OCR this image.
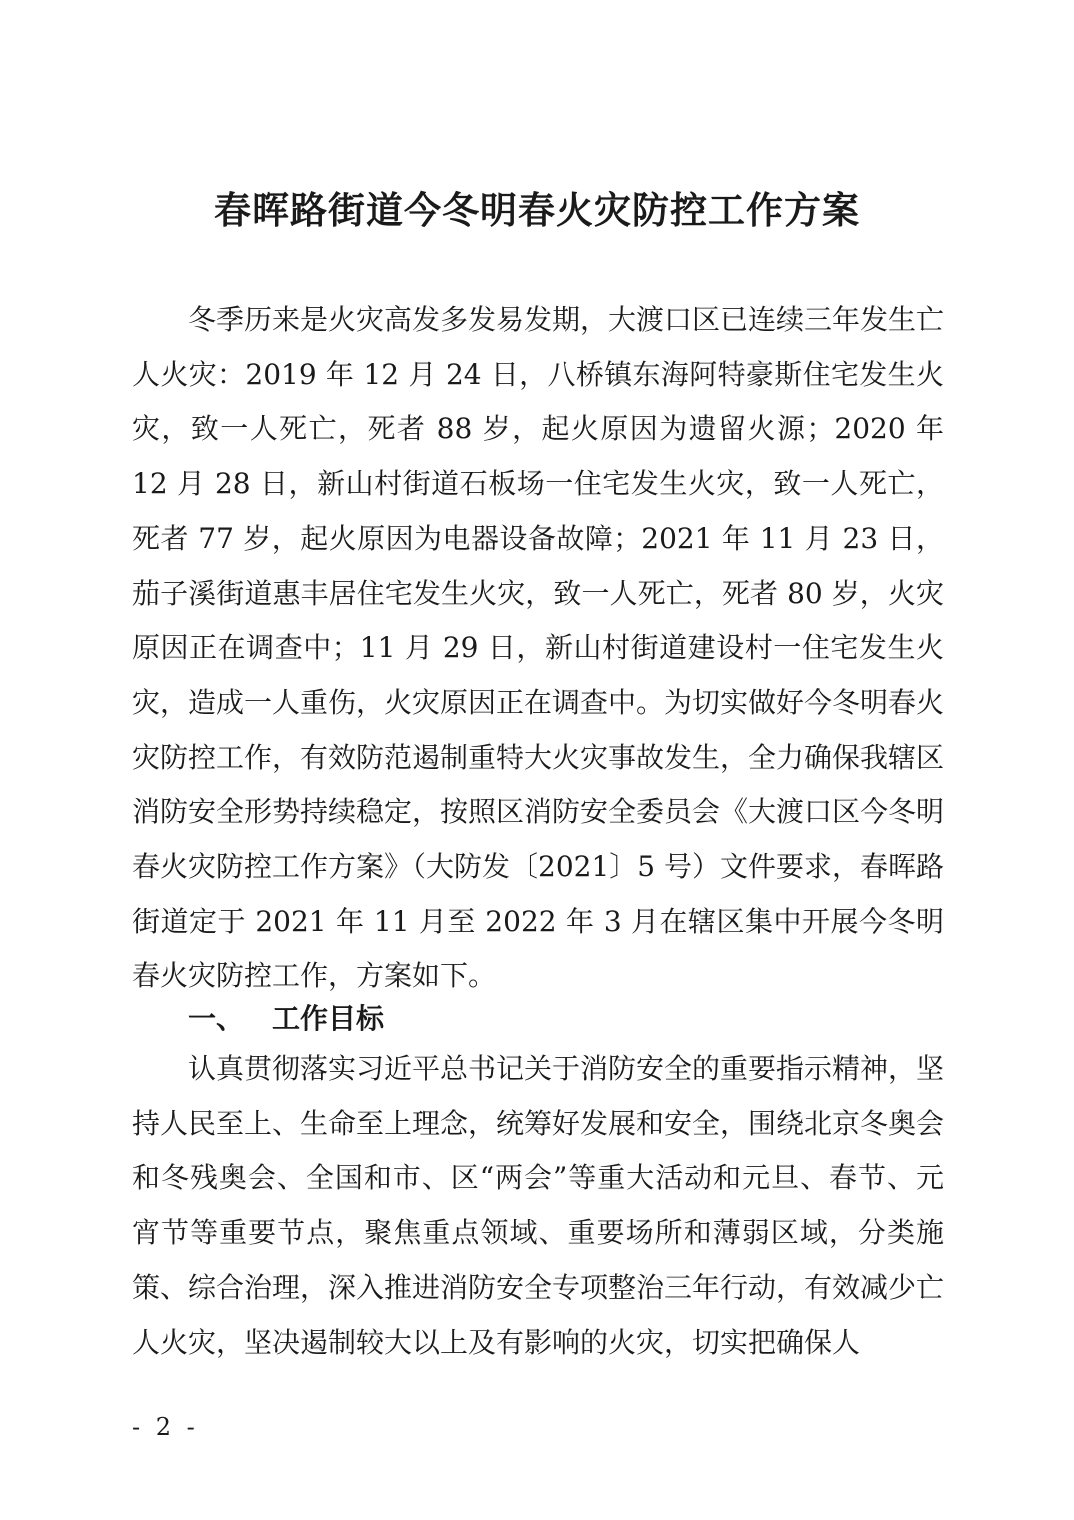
春晖路街道今冬明春火灾防控工作方案

冬季历来是火灾高发多发易发期，大渡口区已连续三年发生亡人火灾：2019 年 12 月 24 日，八桥镇东海阿特豪斯住宅发生火灾，致一人死亡，死者 88 岁，起火原因为遗留火源；2020 年 12 月 28 日，新山村街道石板场一住宅发生火灾，致一人死亡，死者 77 岁，起火原因为电器设备故障；2021 年 11 月 23 日，茄子溪街道惠丰居住宅发生火灾，致一人死亡，死者 80 岁，火灾原因正在调查中；11 月 29 日，新山村街道建设村一住宅发生火灾，造成一人重伤，火灾原因正在调查中。为切实做好今冬明春火灾防控工作，有效防范遏制重特大火灾事故发生，全力确保我辖区消防安全形势持续稳定，按照区消防安全委员会《大渡口区今冬明春火灾防控工作方案》（大防发〔2021〕5 号）文件要求，春晖路街道定于 2021 年 11 月至 2022 年 3 月在辖区集中开展今冬明春火灾防控工作，方案如下。

一、 工作目标

认真贯彻落实习近平总书记关于消防安全的重要指示精神，坚持人民至上、生命至上理念，统筹好发展和安全，围绕北京冬奥会和冬残奥会、全国和市、区“两会”等重大活动和元旦、春节、元宵节等重要节点，聚焦重点领域、重要场所和薄弱区域，分类施策、综合治理，深入推进消防安全专项整治三年行动，有效减少亡人火灾，坚决遏制较大以上及有影响的火灾，切实把确保人

- 2 -
